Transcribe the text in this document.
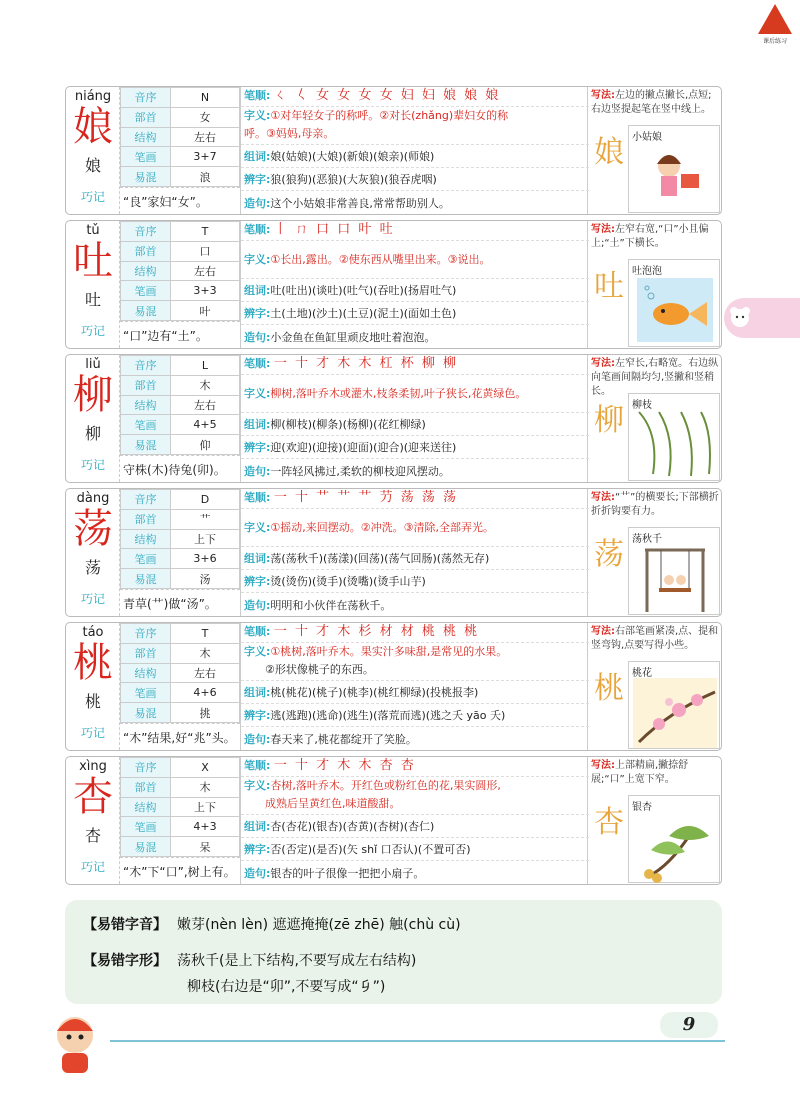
课后练习
niáng
娘
娘
巧记
音序	N
部首	女
结构	左右
笔画	3+7
易混	浪
“良”家妇“女”。
笔顺: ㄑ 𡿨 女 女 女 女 妇 妇 娘 娘 娘
字义:①对年轻女子的称呼。②对长(zhǎng)辈妇女的称
呼。③妈妈,母亲。
组词:娘(姑娘)(大娘)(新娘)(娘亲)(师娘)
辨字:狼(狼狗)(恶狼)(大灰狼)(狼吞虎咽)
造句:这个小姑娘非常善良,常常帮助别人。
写法:左边的撇点撇长,点短;右边竖提起笔在竖中线上。
娘 小姑娘
tǔ
吐
吐
巧记
音序	T
部首	口
结构	左右
笔画	3+3
易混	叶
“口”边有“土”。
笔顺: 丨 ㄇ 口 口 叶 吐
字义:①长出,露出。②使东西从嘴里出来。③说出。
组词:吐(吐出)(谈吐)(吐气)(吞吐)(扬眉吐气)
辨字:土(土地)(沙土)(土豆)(泥土)(面如土色)
造句:小金鱼在鱼缸里顽皮地吐着泡泡。
写法:左窄右宽,“口”小且偏上;“土”下横长。
吐 吐泡泡
liǔ
柳
柳
巧记
音序	L
部首	木
结构	左右
笔画	4+5
易混	仰
守株(木)待兔(卯)。
笔顺: 一 十 才 木 木 杠 杯 柳 柳
字义:柳树,落叶乔木或灌木,枝条柔韧,叶子狭长,花黄绿色。
组词:柳(柳枝)(柳条)(杨柳)(花红柳绿)
辨字:迎(欢迎)(迎接)(迎面)(迎合)(迎来送往)
造句:一阵轻风拂过,柔软的柳枝迎风摆动。
写法:左窄长,右略宽。右边纵向笔画间隔均匀,竖撇和竖稍长。
柳 柳枝
dàng
荡
荡
巧记
音序	D
部首	艹
结构	上下
笔画	3+6
易混	汤
青草(艹)做“汤”。
笔顺: 一 十 艹 艹 艹 芀 荡 荡 荡
字义:①摇动,来回摆动。②冲洗。③清除,全部弄光。
组词:荡(荡秋千)(荡漾)(回荡)(荡气回肠)(荡然无存)
辨字:烫(烫伤)(烫手)(烫嘴)(烫手山芋)
造句:明明和小伙伴在荡秋千。
写法:“艹”的横要长;下部横折折折钩要有力。
荡 荡秋千
táo
桃
桃
巧记
音序	T
部首	木
结构	左右
笔画	4+6
易混	挑
“木”结果,好“兆”头。
笔顺: 一 十 才 木 杉 材 材 桃 桃 桃
字义:①桃树,落叶乔木。果实汁多味甜,是常见的水果。
②形状像桃子的东西。
组词:桃(桃花)(桃子)(桃李)(桃红柳绿)(投桃报李)
辨字:逃(逃跑)(逃命)(逃生)(落荒而逃)(逃之夭 yāo 夭)
造句:春天来了,桃花都绽开了笑脸。
写法:右部笔画紧凑,点、提和竖弯钩,点要写得小些。
桃 桃花
xìng
杏
杏
巧记
音序	X
部首	木
结构	上下
笔画	4+3
易混	呆
“木”下“口”,树上有。
笔顺: 一 十 才 木 木 杏 杏
字义:杏树,落叶乔木。开红色或粉红色的花,果实圆形,
成熟后呈黄红色,味道酸甜。
组词:杏(杏花)(银杏)(杏黄)(杏树)(杏仁)
辨字:否(否定)(是否)(矢 shǐ 口否认)(不置可否)
造句:银杏的叶子很像一把把小扇子。
写法:上部精扁,撇捺舒展;“口”上宽下窄。
杏 银杏
【易错字音】 嫩芽(nèn lèn) 遮遮掩掩(zē zhē) 触(chù cù)
【易错字形】 荡秋千(是上下结构,不要写成左右结构)
柳枝(右边是“卯”,不要写成“𠂎”)
9
